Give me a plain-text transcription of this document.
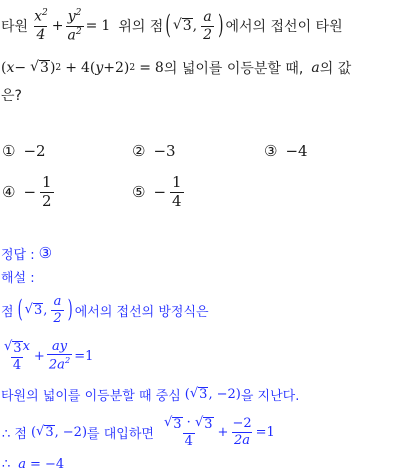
타원 $\frac{x^2}{4} + \frac{y^2}{a^2} = 1$ 위의 점 ( √ 3 , $\frac{a}{2}$ ) 에서의 접선이 타원
( x − √ 3 ) 2 + 4 ( y + 2 ) 2 = 8 의 넓이를 이등분할 때, a 의 값
은?
① −2	② −3	③ −4
④ − $\frac{1}{2}$	⑤ − $\frac{1}{4}$
정답 : ③
해설 :
점 ( √ 3 , $\frac{a}{2}$ ) 에서의 접선의 방정식은
$\frac{√ 3 x}{4} + \frac{ay}{2a^2} = 1$
타원의 넓이를 이등분할 때 중심 ( √ 3 , −2 ) 을 지난다.
∴ 점 ( √ 3 , −2 ) 를 대입하면 $\frac{√ 3 \cdot √ 3}{4} + \frac{-2}{2a} = 1$
∴ a = −4
